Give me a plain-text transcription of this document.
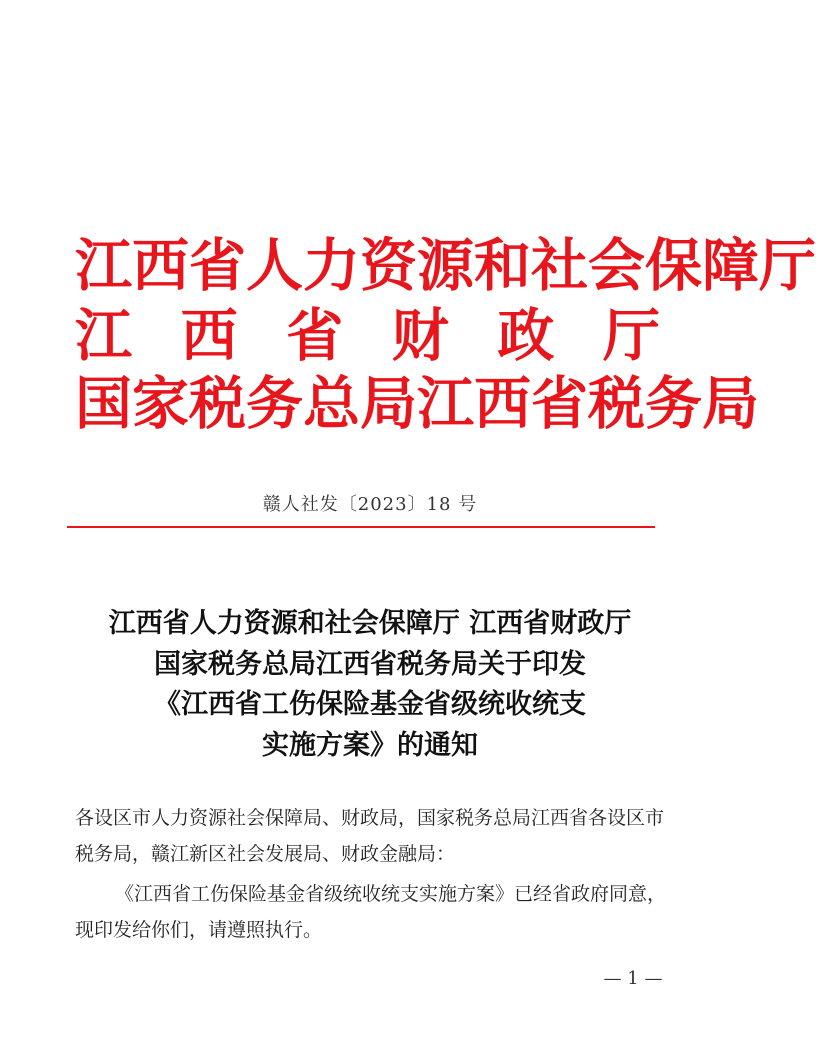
江西省人力资源和社会保障厅
江 西 省 财 政 厅
国家税务总局江西省税务局
赣人社发〔2023〕18 号
江西省人力资源和社会保障厅 江西省财政厅
国家税务总局江西省税务局关于印发
《江西省工伤保险基金省级统收统支
实施方案》的通知
各设区市人力资源社会保障局、财政局，国家税务总局江西省各设区市税务局，赣江新区社会发展局、财政金融局：
《江西省工伤保险基金省级统收统支实施方案》已经省政府同意，现印发给你们，请遵照执行。
— 1 —
